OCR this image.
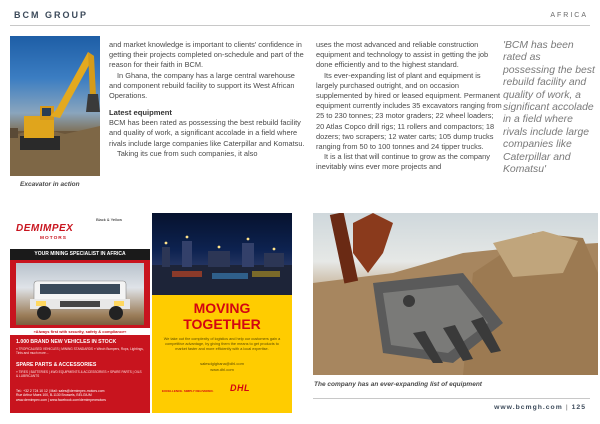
BCM GROUP	AFRICA
Excavator in action

and market knowledge is important to clients' confidence in getting their projects completed on-schedule and part of the reason for their faith in BCM.

In Ghana, the company has a large central warehouse and component rebuild facility to support its West African Operations.

Latest equipment

BCM has been rated as possessing the best rebuild facility and quality of work, a significant accolade in a field where rivals include large companies like Caterpillar and Komatsu.

Taking its cue from such companies, it also

uses the most advanced and reliable construction equipment and technology to assist in getting the job done efficiently and to the highest standard.

Its ever-expanding list of plant and equipment is largely purchased outright, and on occasion supplemented by hired or leased equipment. Permanent equipment currently includes 35 excavators ranging from 25 to 230 tonnes; 23 motor graders; 22 wheel loaders; 20 Atlas Copco drill rigs; 11 rollers and compactors; 18 dozers; two scrapers; 12 water carts; 105 dump trucks ranging from 50 to 100 tonnes and 24 tipper trucks.

It is a list that will continue to grow as the company inevitably wins ever more projects and

'BCM has been rated as possessing the best rebuild facility and quality of work, a significant accolade in a field where rivals include large companies like Caterpillar and Komatsu'
DEMIMPEX
MOTORS
Black & Yellow
YOUR MINING SPECIALIST IN AFRICA
»Always first with security, safety & compliance«
1.000 BRAND NEW VEHICLES IN STOCK
» TROPICALISED VEHICLES | MINING STANDARDS » Winch Bumpers, Rops, Lightings, Tints and much more...
SPARE PARTS & ACCESSORIES
» TIRES | BATTERIES | 4WD EQUIPMENTS & ACCESSORIES » SPARE PARTS | OILS & LUBRICANTS
Tel.: +32 2 724 10 12 | Mail: sales@demimpex-motors.com
Rue Arthur Maes 100, B-1130 Brussels, BELGIUM
www.demimpex.com | www.facebook.com/demimpexmotors
MOVING
TOGETHER
We take out the complexity of logistics and help our customers gain a competitive advantage, by giving them the means to get products to market faster and more efficiently with a local expertise.
salesdglghana@dhl.com
www.dhl.com
EXCELLENCE. SIMPLY DELIVERED. DHL	The company has an ever-expanding list of equipment
www.bcmgh.com | 125
